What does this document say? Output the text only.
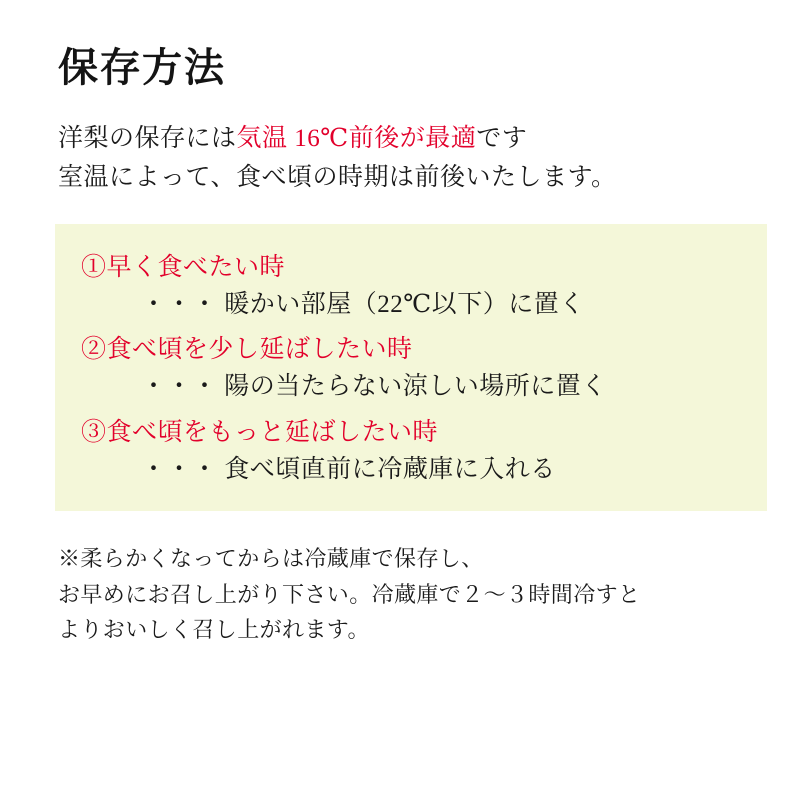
保存方法
洋梨の保存には気温 16℃前後が最適です
室温によって、食べ頃の時期は前後いたします。

①早く食べたい時

・・・ 暖かい部屋（22℃以下）に置く

②食べ頃を少し延ばしたい時

・・・ 陽の当たらない涼しい場所に置く

③食べ頃をもっと延ばしたい時

・・・ 食べ頃直前に冷蔵庫に入れる

※柔らかくなってからは冷蔵庫で保存し、
お早めにお召し上がり下さい。冷蔵庫で２〜３時間冷すと
よりおいしく召し上がれます。
